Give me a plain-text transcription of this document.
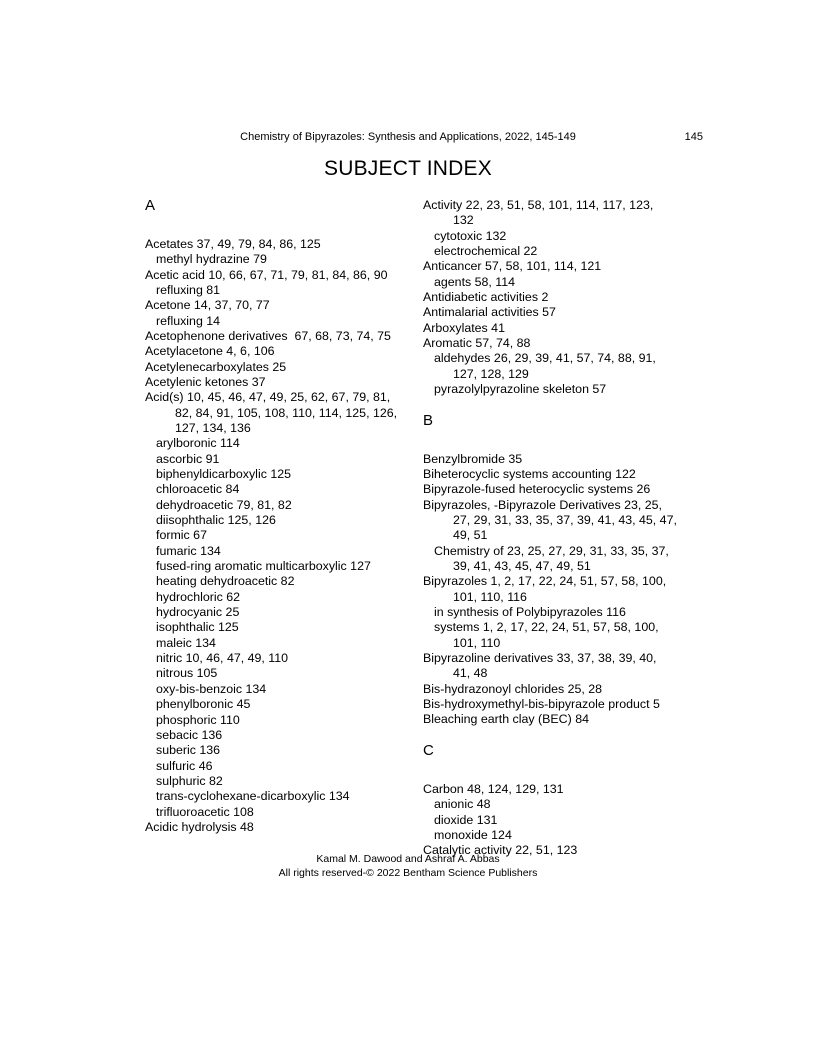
Chemistry of Bipyrazoles: Synthesis and Applications, 2022, 145-149	145
SUBJECT INDEX
A
Acetates 37, 49, 79, 84, 86, 125
methyl hydrazine 79
Acetic acid 10, 66, 67, 71, 79, 81, 84, 86, 90
refluxing 81
Acetone 14, 37, 70, 77
refluxing 14
Acetophenone derivatives  67, 68, 73, 74, 75
Acetylacetone 4, 6, 106
Acetylenecarboxylates 25
Acetylenic ketones 37
Acid(s) 10, 45, 46, 47, 49, 25, 62, 67, 79, 81,
82, 84, 91, 105, 108, 110, 114, 125, 126,
127, 134, 136
arylboronic 114
ascorbic 91
biphenyldicarboxylic 125
chloroacetic 84
dehydroacetic 79, 81, 82
diisophthalic 125, 126
formic 67
fumaric 134
fused-ring aromatic multicarboxylic 127
heating dehydroacetic 82
hydrochloric 62
hydrocyanic 25
isophthalic 125
maleic 134
nitric 10, 46, 47, 49, 110
nitrous 105
oxy-bis-benzoic 134
phenylboronic 45
phosphoric 110
sebacic 136
suberic 136
sulfuric 46
sulphuric 82
trans-cyclohexane-dicarboxylic 134
trifluoroacetic 108
Acidic hydrolysis 48
Activity 22, 23, 51, 58, 101, 114, 117, 123,
132
cytotoxic 132
electrochemical 22
Anticancer 57, 58, 101, 114, 121
agents 58, 114
Antidiabetic activities 2
Antimalarial activities 57
Arboxylates 41
Aromatic 57, 74, 88
aldehydes 26, 29, 39, 41, 57, 74, 88, 91,
127, 128, 129
pyrazolylpyrazoline skeleton 57
B
Benzylbromide 35
Biheterocyclic systems accounting 122
Bipyrazole-fused heterocyclic systems 26
Bipyrazoles, -Bipyrazole Derivatives 23, 25,
27, 29, 31, 33, 35, 37, 39, 41, 43, 45, 47,
49, 51
Chemistry of 23, 25, 27, 29, 31, 33, 35, 37,
39, 41, 43, 45, 47, 49, 51
Bipyrazoles 1, 2, 17, 22, 24, 51, 57, 58, 100,
101, 110, 116
in synthesis of Polybipyrazoles 116
systems 1, 2, 17, 22, 24, 51, 57, 58, 100,
101, 110
Bipyrazoline derivatives 33, 37, 38, 39, 40,
41, 48
Bis-hydrazonoyl chlorides 25, 28
Bis-hydroxymethyl-bis-bipyrazole product 5
Bleaching earth clay (BEC) 84
C
Carbon 48, 124, 129, 131
anionic 48
dioxide 131
monoxide 124
Catalytic activity 22, 51, 123
Kamal M. Dawood and Ashraf A. Abbas
All rights reserved-© 2022 Bentham Science Publishers
